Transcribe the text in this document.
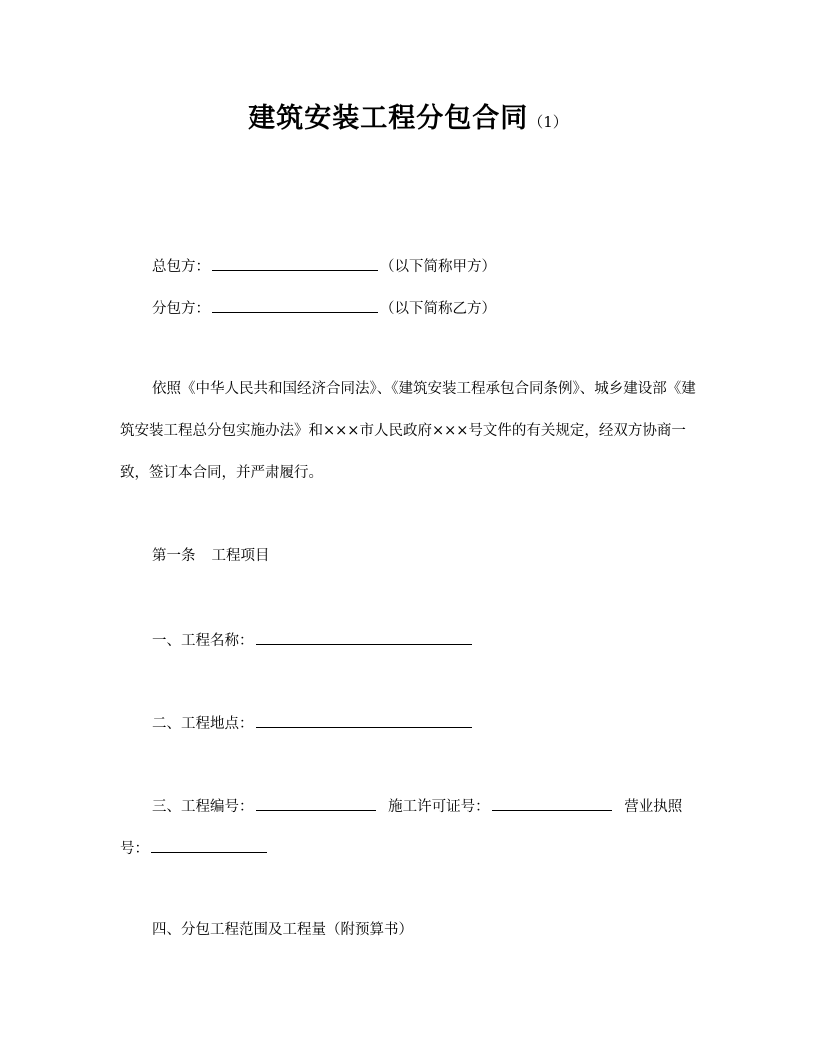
建筑安装工程分包合同（1）
总包方：	（以下简称甲方）
分包方：	（以下简称乙方）
依照《中华人民共和国经济合同法》、《建筑安装工程承包合同条例》、城乡建设部《建筑安装工程总分包实施办法》和×××市人民政府×××号文件的有关规定，经双方协商一致，签订本合同，并严肃履行。
第一条 工程项目
一、工程名称：
二、工程地点：
三、工程编号：	施工许可证号：	营业执照
号：
四、分包工程范围及工程量（附预算书）
